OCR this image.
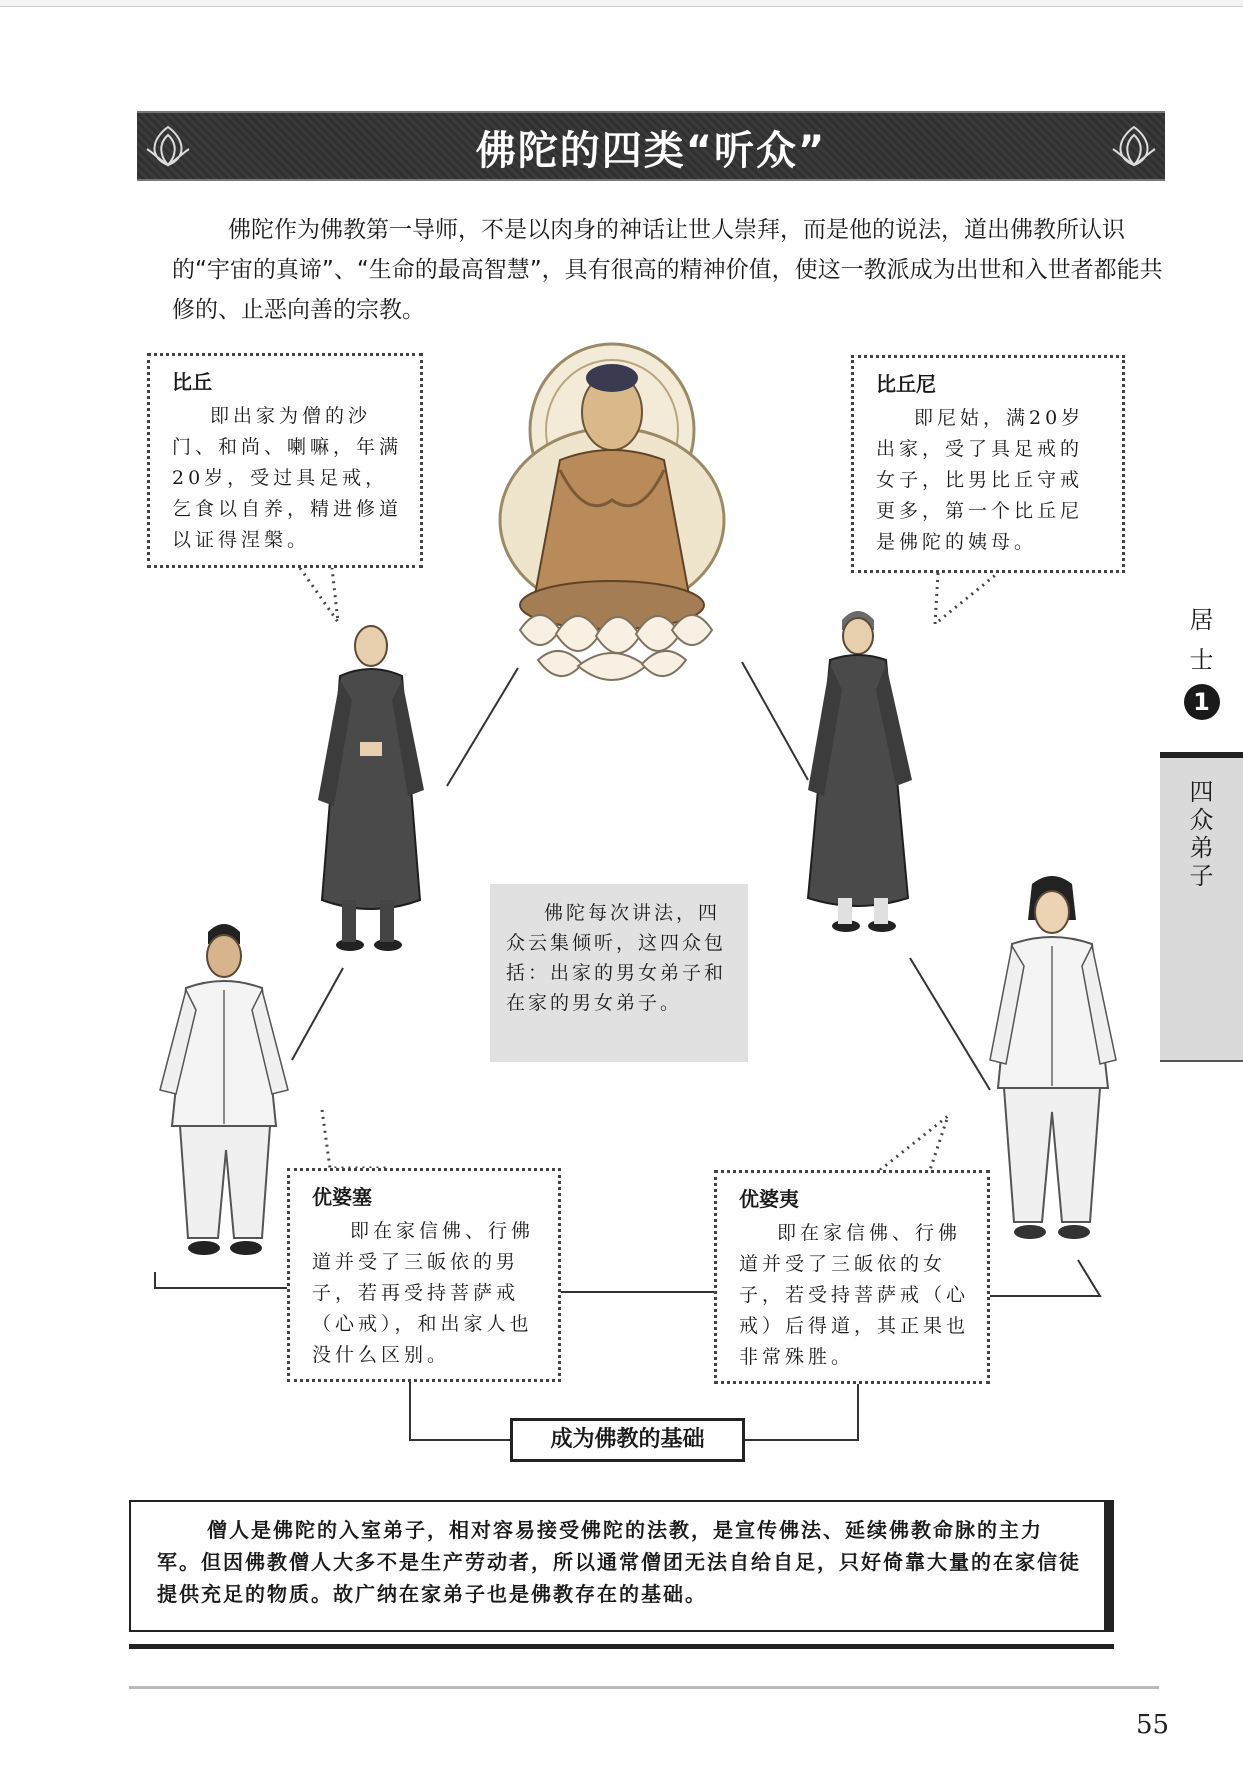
佛陀的四类“听众”
佛陀作为佛教第一导师，不是以肉身的神话让世人崇拜，而是他的说法，道出佛教所认识的“宇宙的真谛”、“生命的最高智慧”，具有很高的精神价值，使这一教派成为出世和入世者都能共修的、止恶向善的宗教。
比丘

即出家为僧的沙门、和尚、喇嘛，年满20岁，受过具足戒，乞食以自养，精进修道以证得涅槃。

比丘尼

即尼姑，满20岁出家，受了具足戒的女子，比男比丘守戒更多，第一个比丘尼是佛陀的姨母。

优婆塞

即在家信佛、行佛道并受了三皈依的男子，若再受持菩萨戒（心戒），和出家人也没什么区别。

优婆夷

即在家信佛、行佛道并受了三皈依的女子，若受持菩萨戒（心戒）后得道，其正果也非常殊胜。

佛陀每次讲法，四众云集倾听，这四众包括：出家的男女弟子和在家的男女弟子。

成为佛教的基础

僧人是佛陀的入室弟子，相对容易接受佛陀的法教，是宣传佛法、延续佛教命脉的主力军。但因佛教僧人大多不是生产劳动者，所以通常僧团无法自给自足，只好倚靠大量的在家信徒提供充足的物质。故广纳在家弟子也是佛教存在的基础。

居
士
1
四众弟子
55
